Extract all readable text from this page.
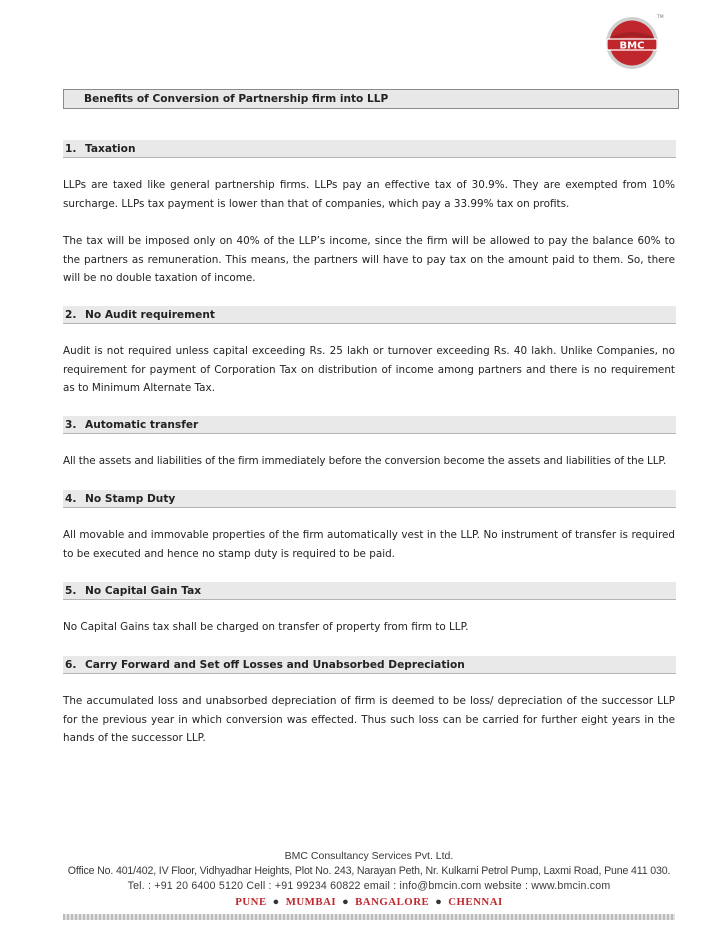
BMC
TM
Benefits of Conversion of Partnership firm into LLP
1. Taxation
LLPs are taxed like general partnership firms. LLPs pay an effective tax of 30.9%. They are exempted from 10% surcharge. LLPs tax payment is lower than that of companies, which pay a 33.99% tax on profits.
The tax will be imposed only on 40% of the LLP’s income, since the firm will be allowed to pay the balance 60% to the partners as remuneration. This means, the partners will have to pay tax on the amount paid to them. So, there will be no double taxation of income.
2. No Audit requirement
Audit is not required unless capital exceeding Rs. 25 lakh or turnover exceeding Rs. 40 lakh. Unlike Companies, no requirement for payment of Corporation Tax on distribution of income among partners and there is no requirement as to Minimum Alternate Tax.
3. Automatic transfer
All the assets and liabilities of the firm immediately before the conversion become the assets and liabilities of the LLP.
4. No Stamp Duty
All movable and immovable properties of the firm automatically vest in the LLP. No instrument of transfer is required to be executed and hence no stamp duty is required to be paid.
5. No Capital Gain Tax
No Capital Gains tax shall be charged on transfer of property from firm to LLP.
6. Carry Forward and Set off Losses and Unabsorbed Depreciation
The accumulated loss and unabsorbed depreciation of firm is deemed to be loss/ depreciation of the successor LLP for the previous year in which conversion was effected. Thus such loss can be carried for further eight years in the hands of the successor LLP.
BMC Consultancy Services Pvt. Ltd.
Office No. 401/402, IV Floor, Vidhyadhar Heights, Plot No. 243, Narayan Peth, Nr. Kulkarni Petrol Pump, Laxmi Road, Pune 411 030.
Tel. : +91 20 6400 5120 Cell : +91 99234 60822 email : info@bmcin.com website : www.bmcin.com
PUNE ● MUMBAI ● BANGALORE ● CHENNAI
